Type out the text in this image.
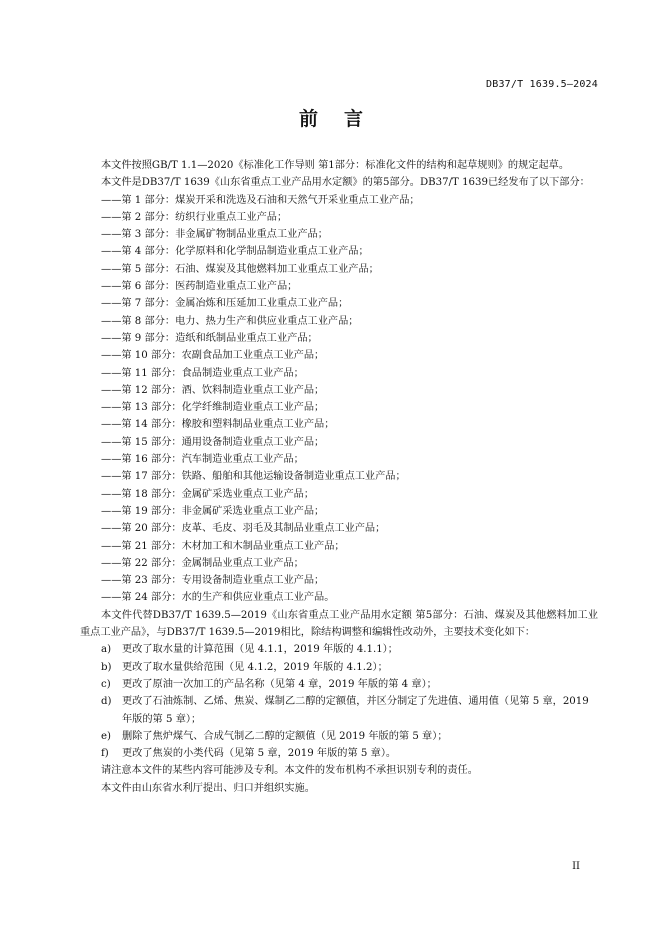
DB37/T 1639.5—2024
前言

本文件按照GB/T 1.1—2020《标准化工作导则 第1部分：标准化文件的结构和起草规则》的规定起草。

本文件是DB37/T 1639《山东省重点工业产品用水定额》的第5部分。DB37/T 1639已经发布了以下部分：

——第 1 部分：煤炭开采和洗选及石油和天然气开采业重点工业产品；
——第 2 部分：纺织行业重点工业产品；
——第 3 部分：非金属矿物制品业重点工业产品；
——第 4 部分：化学原料和化学制品制造业重点工业产品；
——第 5 部分：石油、煤炭及其他燃料加工业重点工业产品；
——第 6 部分：医药制造业重点工业产品；
——第 7 部分：金属冶炼和压延加工业重点工业产品；
——第 8 部分：电力、热力生产和供应业重点工业产品；
——第 9 部分：造纸和纸制品业重点工业产品；
——第 10 部分：农副食品加工业重点工业产品；
——第 11 部分：食品制造业重点工业产品；
——第 12 部分：酒、饮料制造业重点工业产品；
——第 13 部分：化学纤维制造业重点工业产品；
——第 14 部分：橡胶和塑料制品业重点工业产品；
——第 15 部分：通用设备制造业重点工业产品；
——第 16 部分：汽车制造业重点工业产品；
——第 17 部分：铁路、船舶和其他运输设备制造业重点工业产品；
——第 18 部分：金属矿采选业重点工业产品；
——第 19 部分：非金属矿采选业重点工业产品；
——第 20 部分：皮革、毛皮、羽毛及其制品业重点工业产品；
——第 21 部分：木材加工和木制品业重点工业产品；
——第 22 部分：金属制品业重点工业产品；
——第 23 部分：专用设备制造业重点工业产品；
——第 24 部分：水的生产和供应业重点工业产品。

本文件代替DB37/T 1639.5—2019《山东省重点工业产品用水定额 第5部分：石油、煤炭及其他燃料加工业重点工业产品》，与DB37/T 1639.5—2019相比，除结构调整和编辑性改动外，主要技术变化如下：

a) 更改了取水量的计算范围（见 4.1.1，2019 年版的 4.1.1）；
b) 更改了取水量供给范围（见 4.1.2，2019 年版的 4.1.2）；
c) 更改了原油一次加工的产品名称（见第 4 章，2019 年版的第 4 章）；
d) 更改了石油炼制、乙烯、焦炭、煤制乙二醇的定额值，并区分制定了先进值、通用值（见第 5 章，2019 年版的第 5 章）；
e) 删除了焦炉煤气、合成气制乙二醇的定额值（见 2019 年版的第 5 章）；
f) 更改了焦炭的小类代码（见第 5 章，2019 年版的第 5 章）。

请注意本文件的某些内容可能涉及专利。本文件的发布机构不承担识别专利的责任。

本文件由山东省水利厅提出、归口并组织实施。

II
